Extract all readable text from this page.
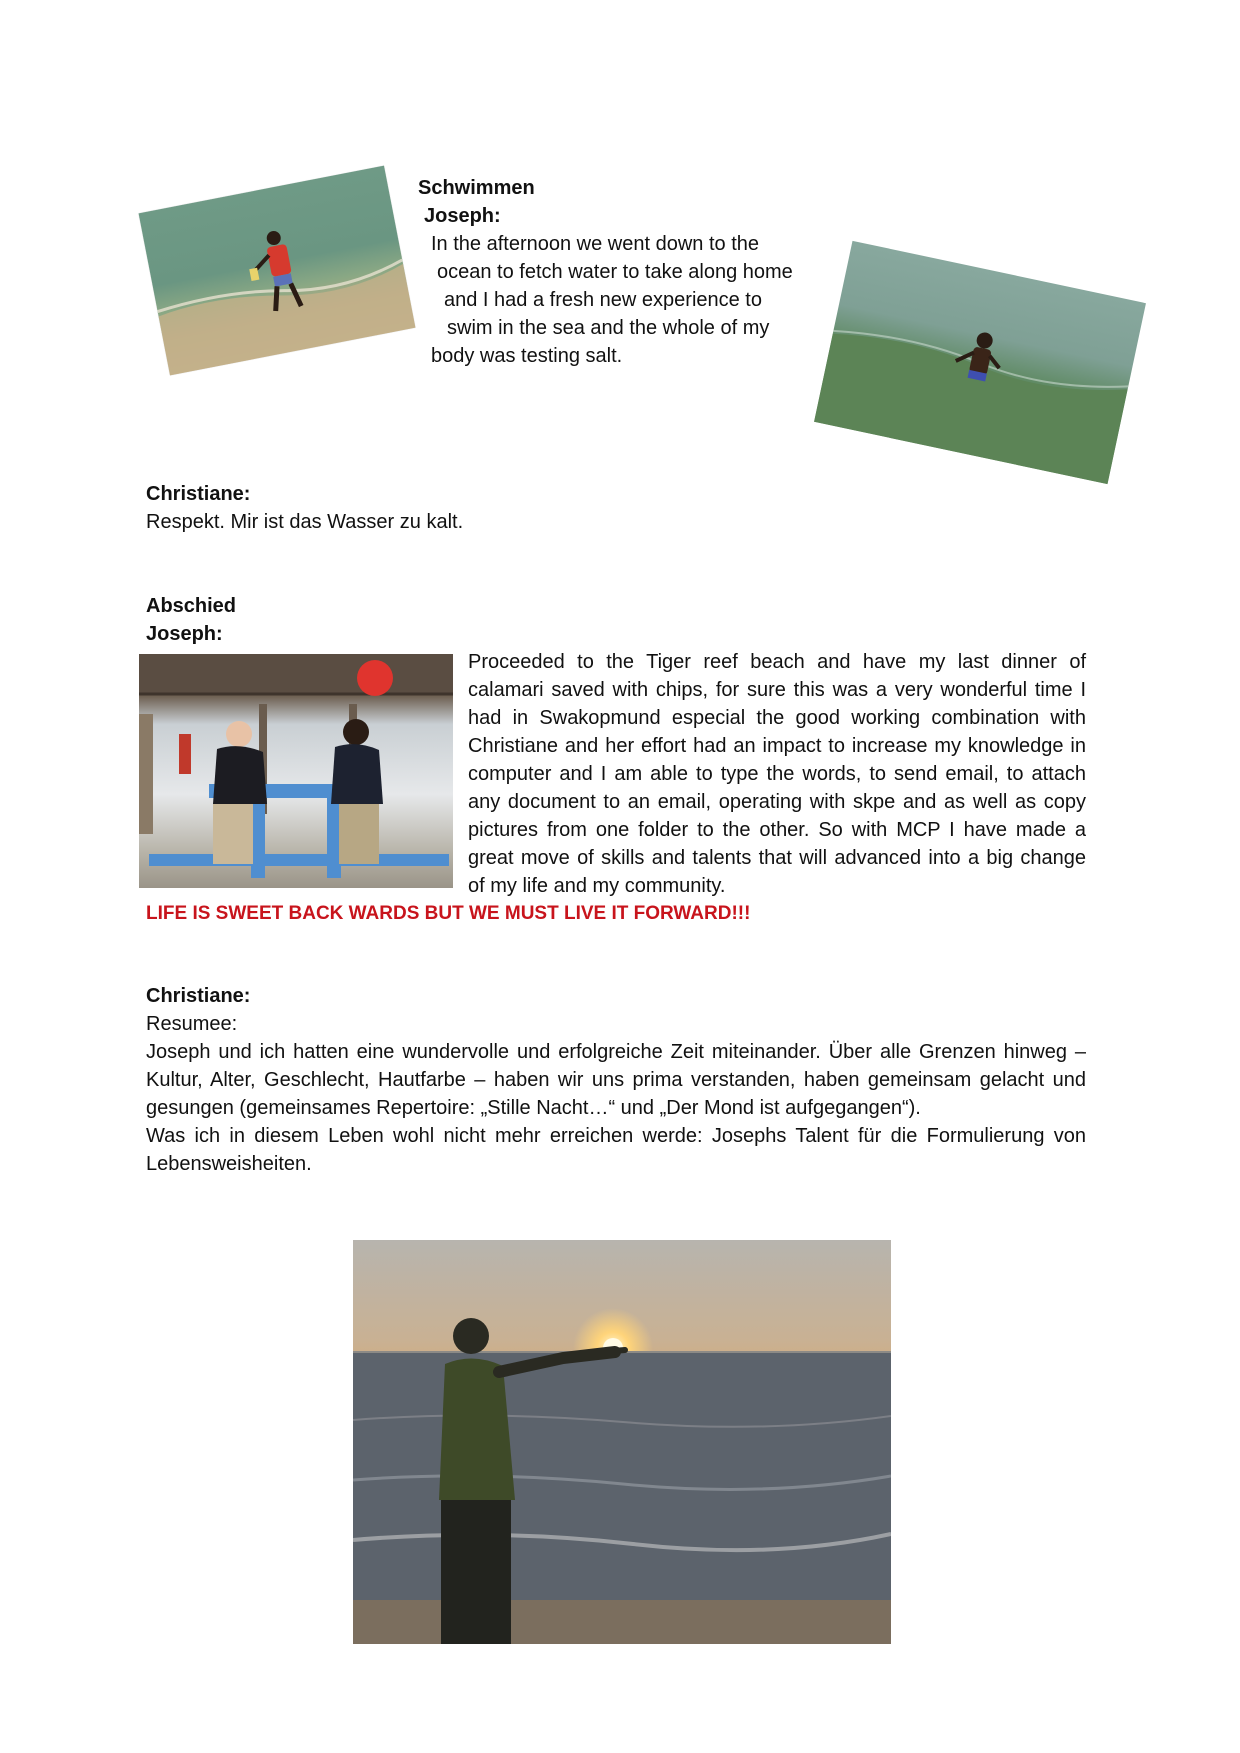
Schwimmen
Joseph:
In the afternoon we went down to the
ocean to fetch water to take along home
and I had a fresh new experience to
swim in the sea and the whole of my
body was testing salt.
Christiane:
Respekt. Mir ist das Wasser zu kalt.
Abschied
Joseph:
Proceeded to the Tiger reef beach and have my last dinner of calamari saved with chips, for sure this was a very wonderful time I had in Swakopmund especial the good working combination with Christiane and her effort had an impact to increase my knowledge in computer and I am able to type the words, to send email, to attach any document to an email, operating with skpe and as well as copy pictures from one folder to the other. So with MCP I have made a great move of skills and talents that will advanced into a big change of my life and my community.
LIFE IS SWEET BACK WARDS BUT WE MUST LIVE IT FORWARD!!!
Christiane:
Resumee:
Joseph und ich hatten eine wundervolle und erfolgreiche Zeit miteinander. Über alle Grenzen hinweg – Kultur, Alter, Geschlecht, Hautfarbe – haben wir uns prima verstanden, haben gemeinsam gelacht und gesungen (gemeinsames Repertoire: „Stille Nacht…“ und „Der Mond ist aufgegangen“).
Was ich in diesem Leben wohl nicht mehr erreichen werde: Josephs Talent für die Formulierung von Lebensweisheiten.
